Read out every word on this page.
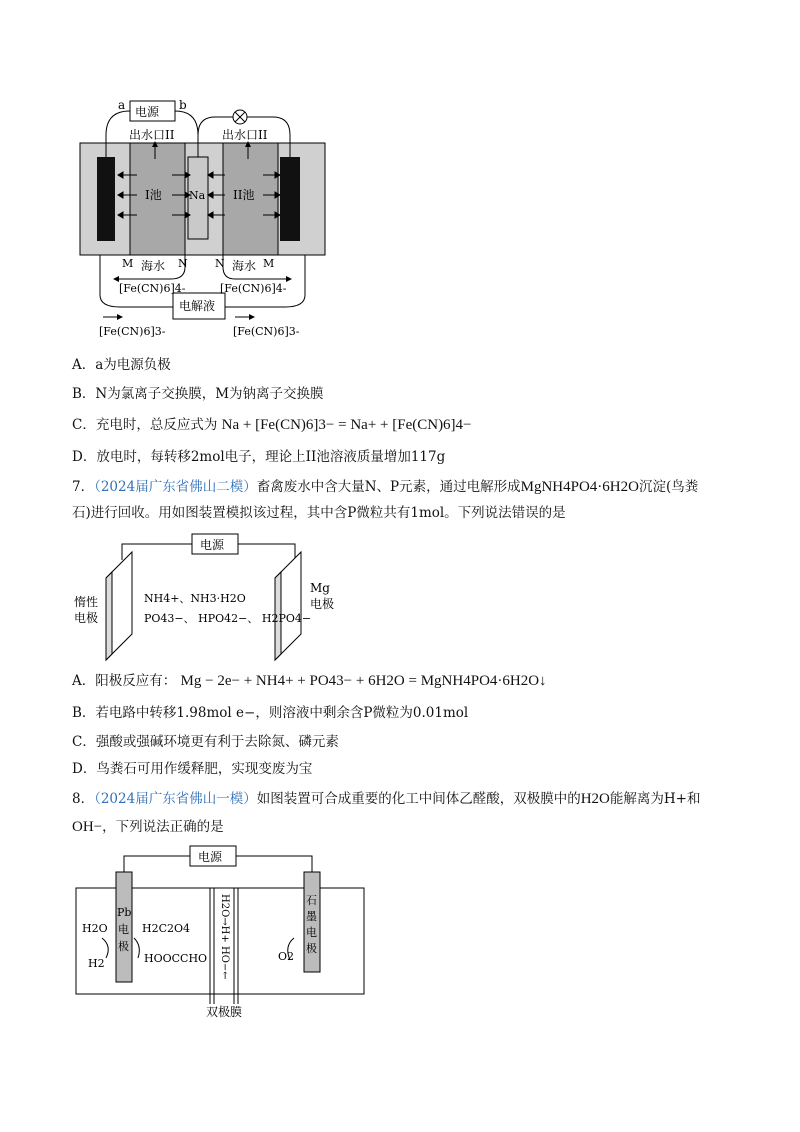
a	b
电源
出水口II	出水口II
I池 Na II池
M 海水 N N 海水 M
[Fe(CN)6]4-	[Fe(CN)6]4-
电解液
[Fe(CN)6]3-	[Fe(CN)6]3-
A．a为电源负极
B．N为氯离子交换膜，M为钠离子交换膜
C．充电时，总反应式为 Na + [Fe(CN)6]3− = Na+ + [Fe(CN)6]4−
D．放电时，每转移2mol电子，理论上II池溶液质量增加117g
7．（2024届广东省佛山二模）畜禽废水中含大量N、P元素，通过电解形成MgNH4PO4·6H2O沉淀(鸟粪
石)进行回收。用如图装置模拟该过程，其中含P微粒共有1mol。下列说法错误的是
电源
惰性
电极
Mg
电极
NH4+、NH3·H2O
PO43−、 HPO42−、 H2PO4−
A．阳极反应有： Mg − 2e− + NH4+ + PO43− + 6H2O = MgNH4PO4·6H2O↓
B．若电路中转移1.98mol e−，则溶液中剩余含P微粒为0.01mol
C．强酸或强碱环境更有利于去除氮、磷元素
D．鸟粪石可用作缓释肥，实现变废为宝
8．（2024届广东省佛山一模）如图装置可合成重要的化工中间体乙醛酸，双极膜中的H2O能解离为H+和
OH−，下列说法正确的是
电源
Pb
电
极
H2O
H2
H2C2O4
HOOCCHO
H2O→H+
HO−←
石
墨
电
极
O2
双极膜
